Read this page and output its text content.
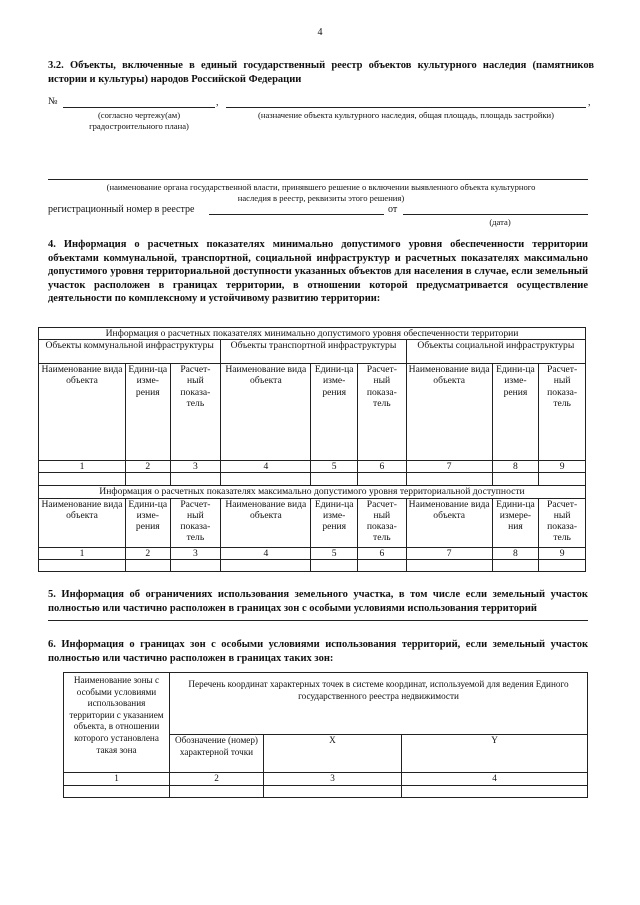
4
3.2. Объекты, включенные в единый государственный реестр объектов культурного наследия (памятников истории и культуры) народов Российской Федерации
№	,	,
(согласно чертежу(ам) градостроительного плана)
(назначение объекта культурного наследия, общая площадь, площадь застройки)
(наименование органа государственной власти, принявшего решение о включении выявленного объекта культурного наследия в реестр, реквизиты этого решения)
регистрационный номер в реестре	от
(дата)
4. Информация о расчетных показателях минимально допустимого уровня обеспеченности территории объектами коммунальной, транспортной, социальной инфраструктур и расчетных показателях максимально допустимого уровня территориальной доступности указанных объектов для населения в случае, если земельный участок расположен в границах территории, в отношении которой предусматривается осуществление деятельности по комплексному и устойчивому развитию территории:
Информация о расчетных показателях минимально допустимого уровня обеспеченности территории								
Объекты коммунальной инфраструктуры			Объекты транспортной инфраструктуры			Объекты социальной инфраструктуры		
Наименование вида объекта	Едини-ца изме-рения	Расчет-ный показа-тель	Наименование вида объекта	Едини-ца изме-рения	Расчет-ный показа-тель	Наименование вида объекта	Едини-ца изме-рения	Расчет-ный показа-тель
1	2	3	4	5	6	7	8	9

Информация о расчетных показателях максимально допустимого уровня территориальной доступности								
Наименование вида объекта	Едини-ца изме-рения	Расчет-ный показа-тель	Наименование вида объекта	Едини-ца изме-рения	Расчет-ный показа-тель	Наименование вида объекта	Едини-ца измере-ния	Расчет-ный показа-тель
1	2	3	4	5	6	7	8	9

5. Информация об ограничениях использования земельного участка, в том числе если земельный участок полностью или частично расположен в границах зон с особыми условиями использования территорий
6. Информация о границах зон с особыми условиями использования территорий, если земельный участок полностью или частично расположен в границах таких зон:
Наименование зоны с особыми условиями использования территории с указанием объекта, в отношении которого установлена такая зона	Перечень координат характерных точек в системе координат, используемой для ведения Единого государственного реестра недвижимости		
	Обозначение (номер) характерной точки	X	Y
1	2	3	4
